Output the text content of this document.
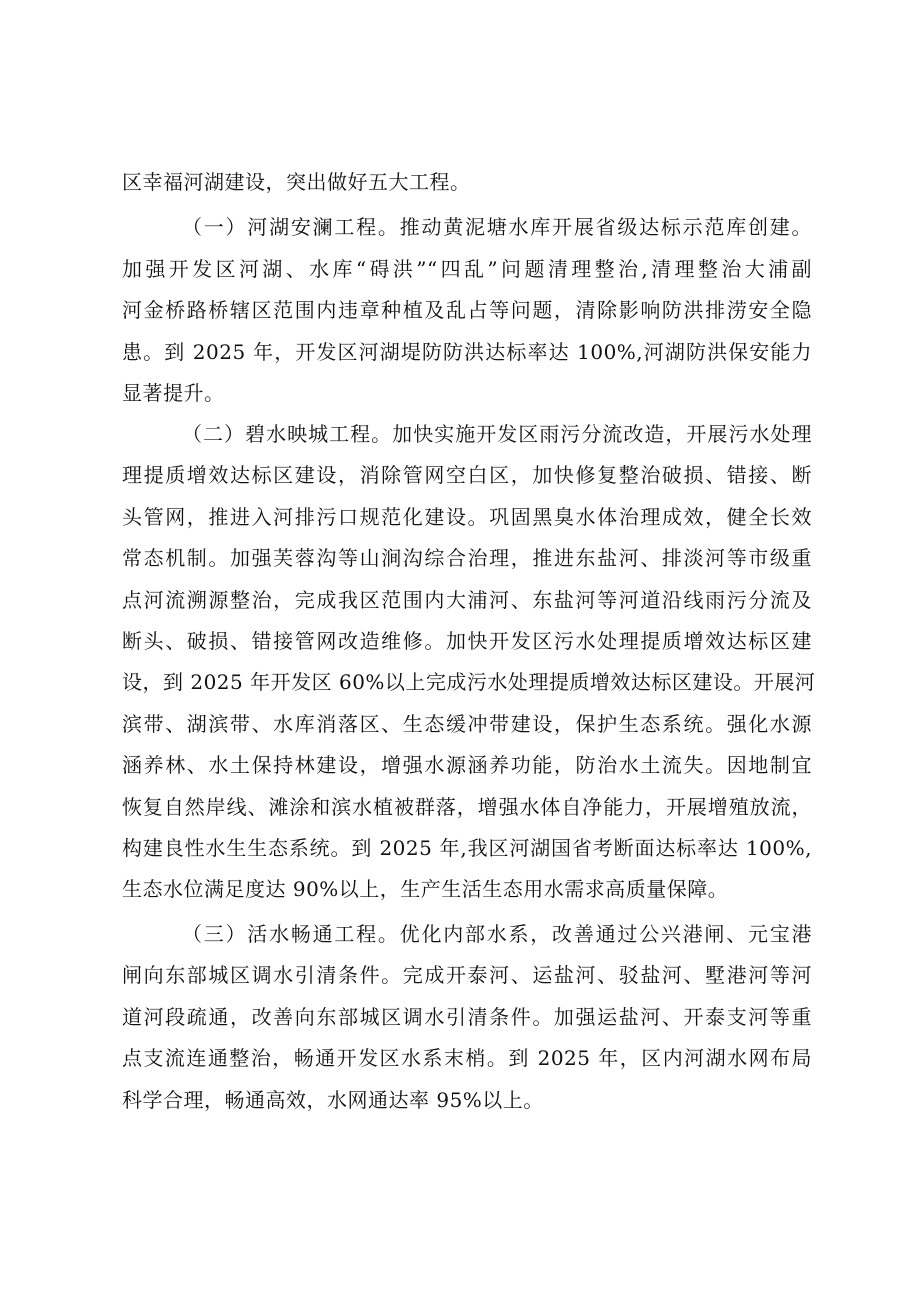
区幸福河湖建设，突出做好五大工程。
（一）河湖安澜工程。推动黄泥塘水库开展省级达标示范库创建。
加强开发区河湖、水库“碍洪”“四乱”问题清理整治,清理整治大浦副
河金桥路桥辖区范围内违章种植及乱占等问题，清除影响防洪排涝安全隐
患。到 2025 年，开发区河湖堤防防洪达标率达 100%,河湖防洪保安能力
显著提升。
（二）碧水映城工程。加快实施开发区雨污分流改造，开展污水处理
理提质增效达标区建设，消除管网空白区，加快修复整治破损、错接、断
头管网，推进入河排污口规范化建设。巩固黑臭水体治理成效，健全长效
常态机制。加强芙蓉沟等山涧沟综合治理，推进东盐河、排淡河等市级重
点河流溯源整治，完成我区范围内大浦河、东盐河等河道沿线雨污分流及
断头、破损、错接管网改造维修。加快开发区污水处理提质增效达标区建
设，到 2025 年开发区 60%以上完成污水处理提质增效达标区建设。开展河
滨带、湖滨带、水库消落区、生态缓冲带建设，保护生态系统。强化水源
涵养林、水土保持林建设，增强水源涵养功能，防治水土流失。因地制宜
恢复自然岸线、滩涂和滨水植被群落，增强水体自净能力，开展增殖放流，
构建良性水生生态系统。到 2025 年,我区河湖国省考断面达标率达 100%,
生态水位满足度达 90%以上，生产生活生态用水需求高质量保障。
（三）活水畅通工程。优化内部水系，改善通过公兴港闸、元宝港
闸向东部城区调水引清条件。完成开泰河、运盐河、驳盐河、墅港河等河
道河段疏通，改善向东部城区调水引清条件。加强运盐河、开泰支河等重
点支流连通整治，畅通开发区水系末梢。到 2025 年，区内河湖水网布局
科学合理，畅通高效，水网通达率 95%以上。
